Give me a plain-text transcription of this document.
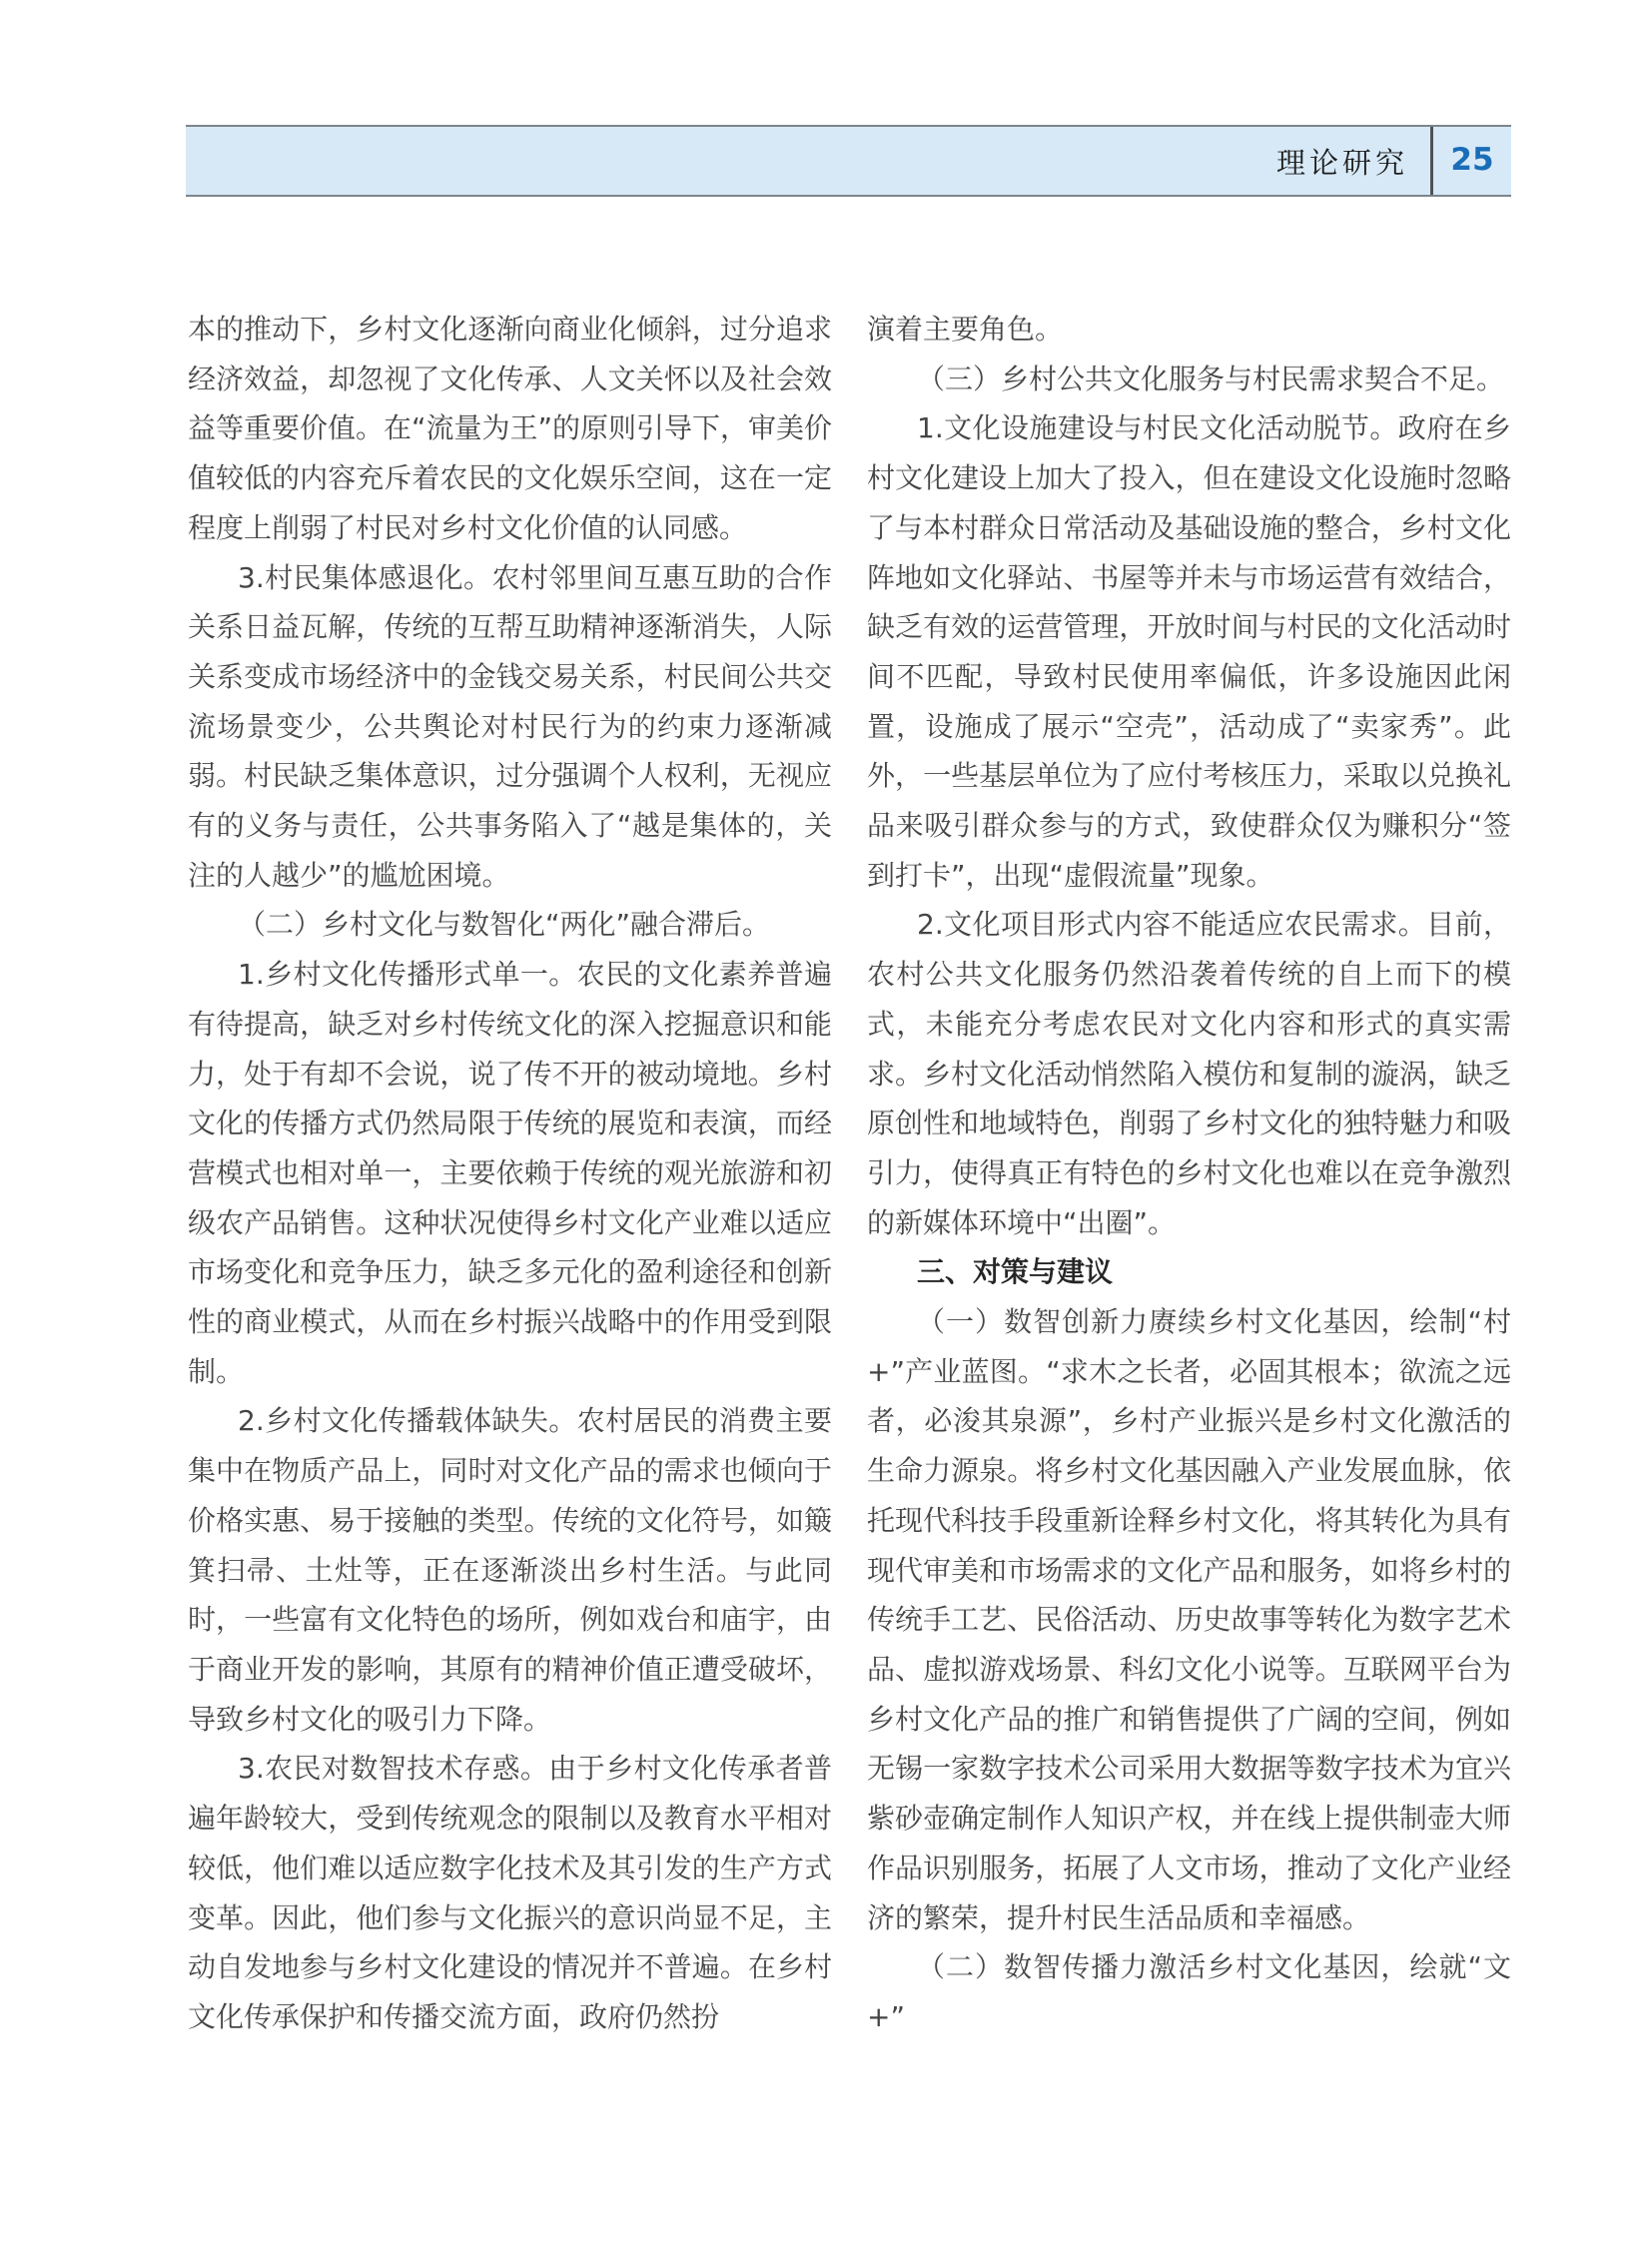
理论研究	25

本的推动下，乡村文化逐渐向商业化倾斜，过分追求经济效益，却忽视了文化传承、人文关怀以及社会效益等重要价值。在“流量为王”的原则引导下，审美价值较低的内容充斥着农民的文化娱乐空间，这在一定程度上削弱了村民对乡村文化价值的认同感。

3.村民集体感退化。农村邻里间互惠互助的合作关系日益瓦解，传统的互帮互助精神逐渐消失，人际关系变成市场经济中的金钱交易关系，村民间公共交流场景变少，公共舆论对村民行为的约束力逐渐减弱。村民缺乏集体意识，过分强调个人权利，无视应有的义务与责任，公共事务陷入了“越是集体的，关注的人越少”的尴尬困境。

（二）乡村文化与数智化“两化”融合滞后。

1.乡村文化传播形式单一。农民的文化素养普遍有待提高，缺乏对乡村传统文化的深入挖掘意识和能力，处于有却不会说，说了传不开的被动境地。乡村文化的传播方式仍然局限于传统的展览和表演，而经营模式也相对单一，主要依赖于传统的观光旅游和初级农产品销售。这种状况使得乡村文化产业难以适应市场变化和竞争压力，缺乏多元化的盈利途径和创新性的商业模式，从而在乡村振兴战略中的作用受到限制。

2.乡村文化传播载体缺失。农村居民的消费主要集中在物质产品上，同时对文化产品的需求也倾向于价格实惠、易于接触的类型。传统的文化符号，如簸箕扫帚、土灶等，正在逐渐淡出乡村生活。与此同时，一些富有文化特色的场所，例如戏台和庙宇，由于商业开发的影响，其原有的精神价值正遭受破坏，导致乡村文化的吸引力下降。

3.农民对数智技术存惑。由于乡村文化传承者普遍年龄较大，受到传统观念的限制以及教育水平相对较低，他们难以适应数字化技术及其引发的生产方式变革。因此，他们参与文化振兴的意识尚显不足，主动自发地参与乡村文化建设的情况并不普遍。在乡村文化传承保护和传播交流方面，政府仍然扮

演着主要角色。

（三）乡村公共文化服务与村民需求契合不足。

1.文化设施建设与村民文化活动脱节。政府在乡村文化建设上加大了投入，但在建设文化设施时忽略了与本村群众日常活动及基础设施的整合，乡村文化阵地如文化驿站、书屋等并未与市场运营有效结合，缺乏有效的运营管理，开放时间与村民的文化活动时间不匹配，导致村民使用率偏低，许多设施因此闲置，设施成了展示“空壳”，活动成了“卖家秀”。此外，一些基层单位为了应付考核压力，采取以兑换礼品来吸引群众参与的方式，致使群众仅为赚积分“签到打卡”，出现“虚假流量”现象。

2.文化项目形式内容不能适应农民需求。目前，农村公共文化服务仍然沿袭着传统的自上而下的模式，未能充分考虑农民对文化内容和形式的真实需求。乡村文化活动悄然陷入模仿和复制的漩涡，缺乏原创性和地域特色，削弱了乡村文化的独特魅力和吸引力，使得真正有特色的乡村文化也难以在竞争激烈的新媒体环境中“出圈”。

三、对策与建议

（一）数智创新力赓续乡村文化基因，绘制“村+”产业蓝图。“求木之长者，必固其根本；欲流之远者，必浚其泉源”，乡村产业振兴是乡村文化激活的生命力源泉。将乡村文化基因融入产业发展血脉，依托现代科技手段重新诠释乡村文化，将其转化为具有现代审美和市场需求的文化产品和服务，如将乡村的传统手工艺、民俗活动、历史故事等转化为数字艺术品、虚拟游戏场景、科幻文化小说等。互联网平台为乡村文化产品的推广和销售提供了广阔的空间，例如无锡一家数字技术公司采用大数据等数字技术为宜兴紫砂壶确定制作人知识产权，并在线上提供制壶大师作品识别服务，拓展了人文市场，推动了文化产业经济的繁荣，提升村民生活品质和幸福感。

（二）数智传播力激活乡村文化基因，绘就“文+”
